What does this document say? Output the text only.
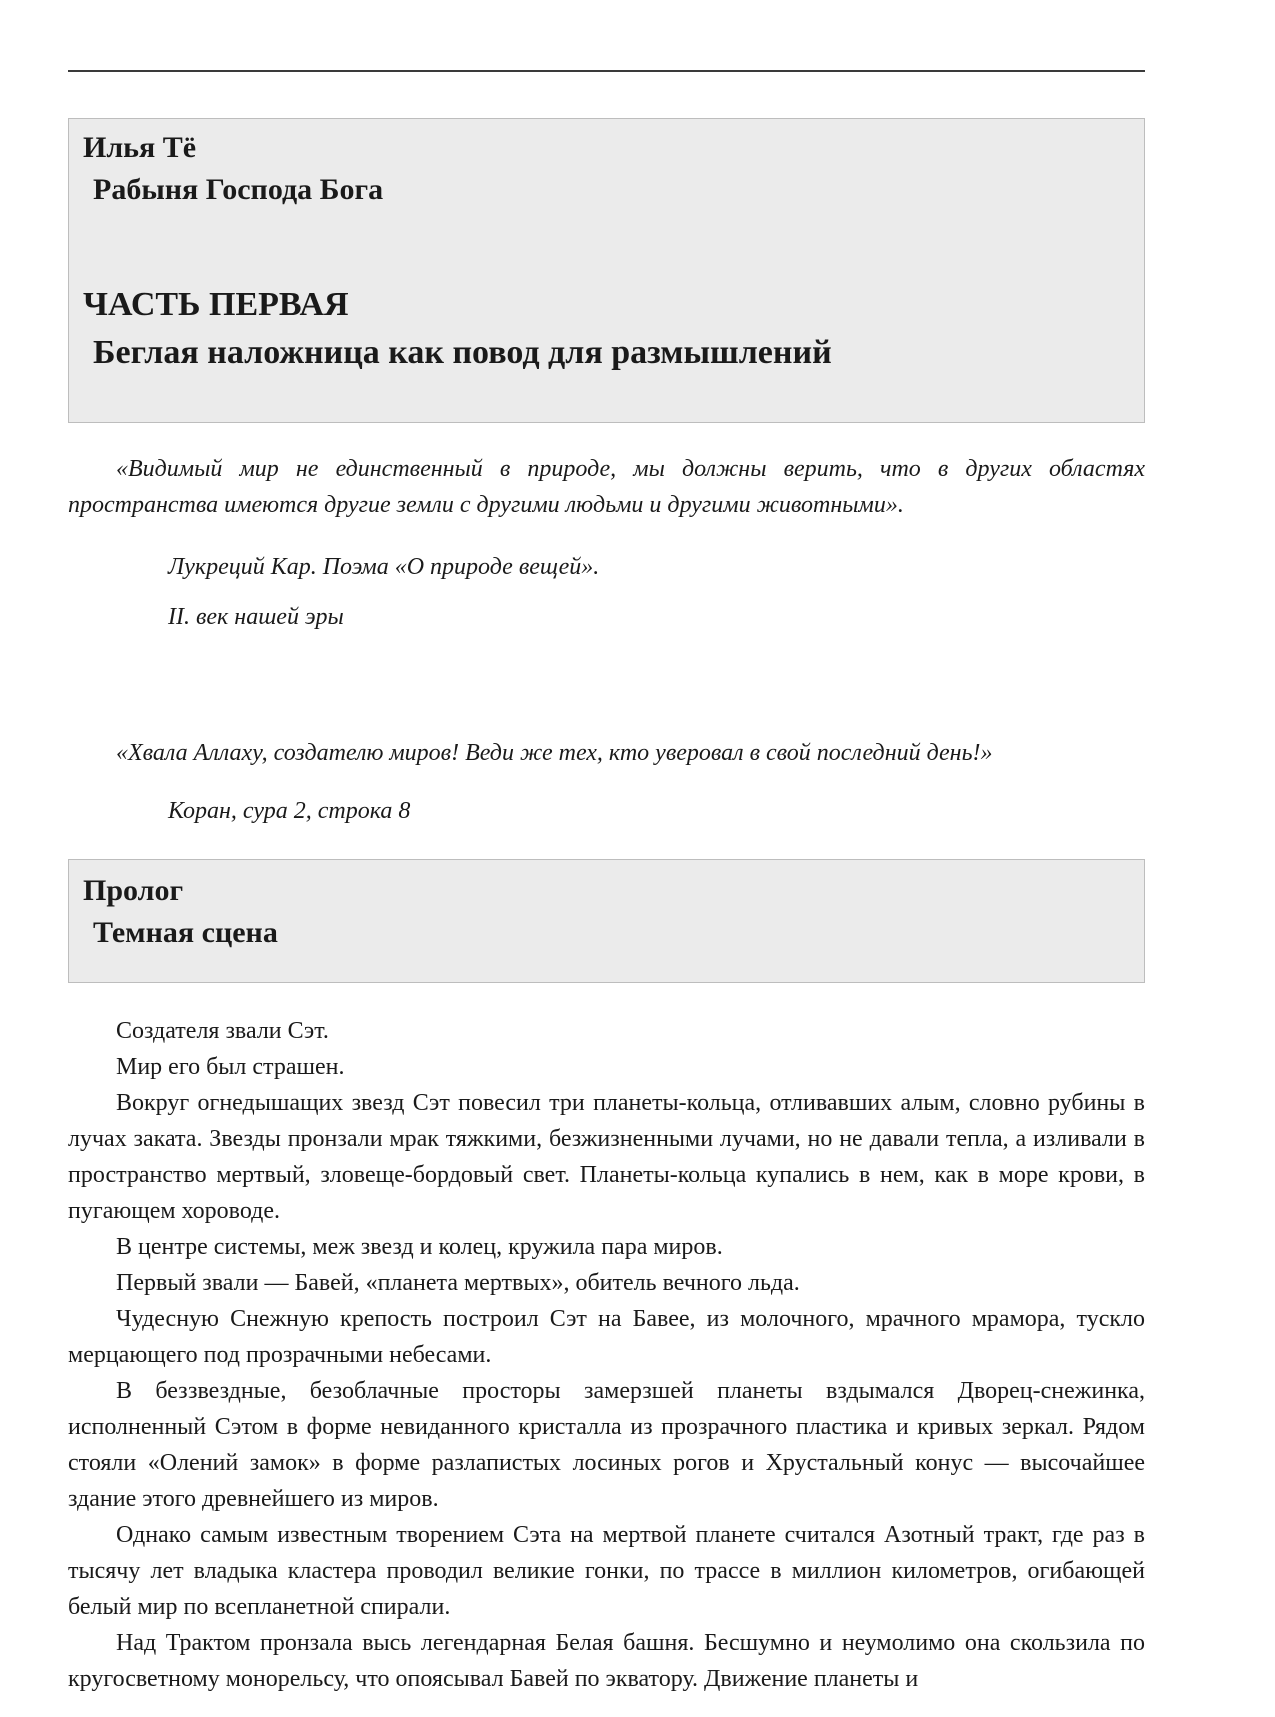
Илья Тё
Рабыня Господа Бога
ЧАСТЬ ПЕРВАЯ
Беглая наложница как повод для размышлений

«Видимый мир не единственный в природе, мы должны верить, что в других областях пространства имеются другие земли с другими людьми и другими животными».

Лукреций Кар. Поэма «О природе вещей».

II. век нашей эры

«Хвала Аллаху, создателю миров! Веди же тех, кто уверовал в свой последний день!»

Коран, сура 2, строка 8

Пролог
Темная сцена

Создателя звали Сэт.

Мир его был страшен.

Вокруг огнедышащих звезд Сэт повесил три планеты-кольца, отливавших алым, словно рубины в лучах заката. Звезды пронзали мрак тяжкими, безжизненными лучами, но не давали тепла, а изливали в пространство мертвый, зловеще-бордовый свет. Планеты-кольца купались в нем, как в море крови, в пугающем хороводе.

В центре системы, меж звезд и колец, кружила пара миров.

Первый звали — Бавей, «планета мертвых», обитель вечного льда.

Чудесную Снежную крепость построил Сэт на Бавее, из молочного, мрачного мрамора, тускло мерцающего под прозрачными небесами.

В беззвездные, безоблачные просторы замерзшей планеты вздымался Дворец-снежинка, исполненный Сэтом в форме невиданного кристалла из прозрачного пластика и кривых зеркал. Рядом стояли «Олений замок» в форме разлапистых лосиных рогов и Хрустальный конус — высочайшее здание этого древнейшего из миров.

Однако самым известным творением Сэта на мертвой планете считался Азотный тракт, где раз в тысячу лет владыка кластера проводил великие гонки, по трассе в миллион километров, огибающей белый мир по всепланетной спирали.

Над Трактом пронзала высь легендарная Белая башня. Бесшумно и неумолимо она скользила по кругосветному монорельсу, что опоясывал Бавей по экватору. Движение планеты и
